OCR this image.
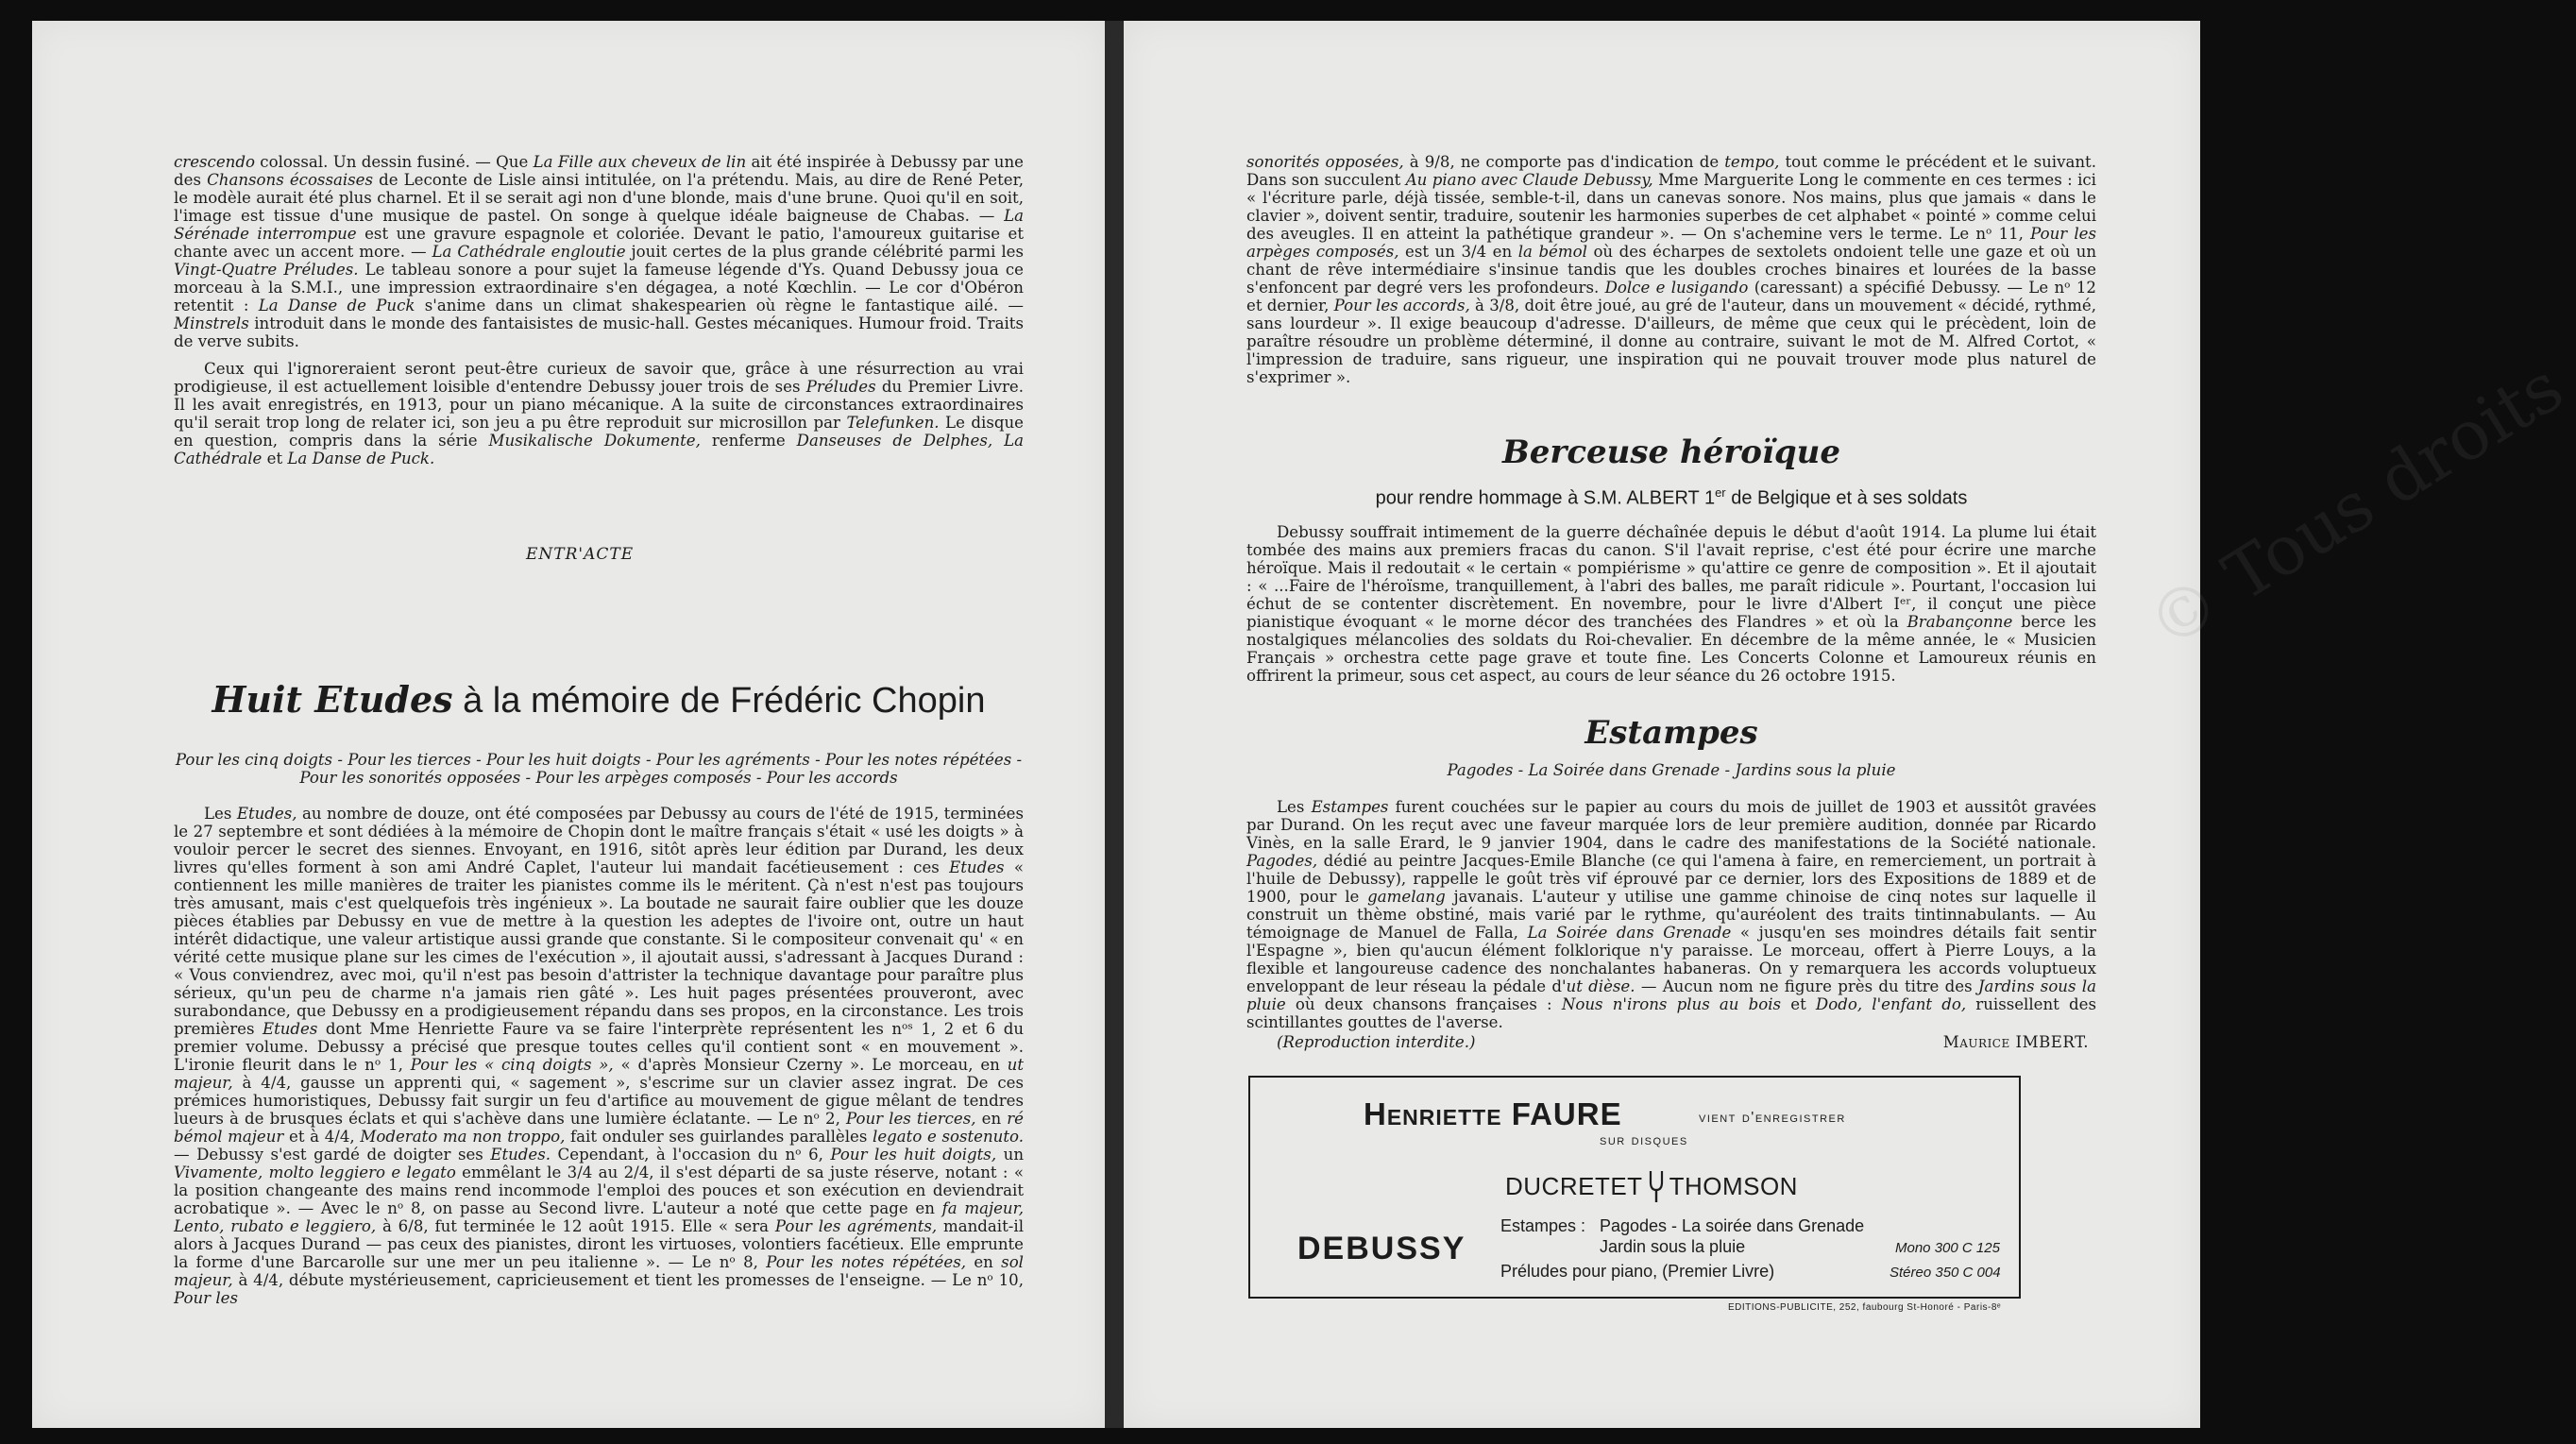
crescendo colossal. Un dessin fusiné. — Que La Fille aux cheveux de lin ait été inspirée à Debussy par une des Chansons écossaises de Leconte de Lisle ainsi intitulée, on l'a prétendu. Mais, au dire de René Peter, le modèle aurait été plus charnel. Et il se serait agi non d'une blonde, mais d'une brune. Quoi qu'il en soit, l'image est tissue d'une musique de pastel. On songe à quelque idéale baigneuse de Chabas. — La Sérénade interrompue est une gravure espagnole et coloriée. Devant le patio, l'amoureux guitarise et chante avec un accent more. — La Cathédrale engloutie jouit certes de la plus grande célébrité parmi les Vingt-Quatre Préludes. Le tableau sonore a pour sujet la fameuse légende d'Ys. Quand Debussy joua ce morceau à la S.M.I., une impression extraordinaire s'en dégagea, a noté Kœchlin. — Le cor d'Obéron retentit : La Danse de Puck s'anime dans un climat shakespearien où règne le fantastique ailé. — Minstrels introduit dans le monde des fantaisistes de music-hall. Gestes mécaniques. Humour froid. Traits de verve subits.

Ceux qui l'ignoreraient seront peut-être curieux de savoir que, grâce à une résurrection au vrai prodigieuse, il est actuellement loisible d'entendre Debussy jouer trois de ses Préludes du Premier Livre. Il les avait enregistrés, en 1913, pour un piano mécanique. A la suite de circonstances extraordinaires qu'il serait trop long de relater ici, son jeu a pu être reproduit sur microsillon par Telefunken. Le disque en question, compris dans la série Musikalische Dokumente, renferme Danseuses de Delphes, La Cathédrale et La Danse de Puck.

ENTR'ACTE
Huit Etudes à la mémoire de Frédéric Chopin
Pour les cinq doigts - Pour les tierces - Pour les huit doigts - Pour les agréments - Pour les notes répétées - Pour les sonorités opposées - Pour les arpèges composés - Pour les accords

Les Etudes, au nombre de douze, ont été composées par Debussy au cours de l'été de 1915, terminées le 27 septembre et sont dédiées à la mémoire de Chopin dont le maître français s'était « usé les doigts » à vouloir percer le secret des siennes. Envoyant, en 1916, sitôt après leur édition par Durand, les deux livres qu'elles forment à son ami André Caplet, l'auteur lui mandait facétieusement : ces Etudes « contiennent les mille manières de traiter les pianistes comme ils le méritent. Çà n'est n'est pas toujours très amusant, mais c'est quelquefois très ingénieux ». La boutade ne saurait faire oublier que les douze pièces établies par Debussy en vue de mettre à la question les adeptes de l'ivoire ont, outre un haut intérêt didactique, une valeur artistique aussi grande que constante. Si le compositeur convenait qu' « en vérité cette musique plane sur les cimes de l'exécution », il ajoutait aussi, s'adressant à Jacques Durand : « Vous conviendrez, avec moi, qu'il n'est pas besoin d'attrister la technique davantage pour paraître plus sérieux, qu'un peu de charme n'a jamais rien gâté ». Les huit pages présentées prouveront, avec surabondance, que Debussy en a prodigieusement répandu dans ses propos, en la circonstance. Les trois premières Etudes dont Mme Henriette Faure va se faire l'interprète représentent les nᵒˢ 1, 2 et 6 du premier volume. Debussy a précisé que presque toutes celles qu'il contient sont « en mouvement ». L'ironie fleurit dans le nᵒ 1, Pour les « cinq doigts », « d'après Monsieur Czerny ». Le morceau, en ut majeur, à 4/4, gausse un apprenti qui, « sagement », s'escrime sur un clavier assez ingrat. De ces prémices humoristiques, Debussy fait surgir un feu d'artifice au mouvement de gigue mêlant de tendres lueurs à de brusques éclats et qui s'achève dans une lumière éclatante. — Le nᵒ 2, Pour les tierces, en ré bémol majeur et à 4/4, Moderato ma non troppo, fait onduler ses guirlandes parallèles legato e sostenuto. — Debussy s'est gardé de doigter ses Etudes. Cependant, à l'occasion du nᵒ 6, Pour les huit doigts, un Vivamente, molto leggiero e legato emmêlant le 3/4 au 2/4, il s'est départi de sa juste réserve, notant : « la position changeante des mains rend incommode l'emploi des pouces et son exécution en deviendrait acrobatique ». — Avec le nᵒ 8, on passe au Second livre. L'auteur a noté que cette page en fa majeur, Lento, rubato e leggiero, à 6/8, fut terminée le 12 août 1915. Elle « sera Pour les agréments, mandait-il alors à Jacques Durand — pas ceux des pianistes, diront les virtuoses, volontiers facétieux. Elle emprunte la forme d'une Barcarolle sur une mer un peu italienne ». — Le nᵒ 8, Pour les notes répétées, en sol majeur, à 4/4, débute mystérieusement, capricieusement et tient les promesses de l'enseigne. — Le nᵒ 10, Pour les

sonorités opposées, à 9/8, ne comporte pas d'indication de tempo, tout comme le précédent et le suivant. Dans son succulent Au piano avec Claude Debussy, Mme Marguerite Long le commente en ces termes : ici « l'écriture parle, déjà tissée, semble-t-il, dans un canevas sonore. Nos mains, plus que jamais « dans le clavier », doivent sentir, traduire, soutenir les harmonies superbes de cet alphabet « pointé » comme celui des aveugles. Il en atteint la pathétique grandeur ». — On s'achemine vers le terme. Le nᵒ 11, Pour les arpèges composés, est un 3/4 en la bémol où des écharpes de sextolets ondoient telle une gaze et où un chant de rêve intermédiaire s'insinue tandis que les doubles croches binaires et lourées de la basse s'enfoncent par degré vers les profondeurs. Dolce e lusigando (caressant) a spécifié Debussy. — Le nᵒ 12 et dernier, Pour les accords, à 3/8, doit être joué, au gré de l'auteur, dans un mouvement « décidé, rythmé, sans lourdeur ». Il exige beaucoup d'adresse. D'ailleurs, de même que ceux qui le précèdent, loin de paraître résoudre un problème déterminé, il donne au contraire, suivant le mot de M. Alfred Cortot, « l'impression de traduire, sans rigueur, une inspiration qui ne pouvait trouver mode plus naturel de s'exprimer ».

Berceuse héroïque
pour rendre hommage à S.M. ALBERT 1er de Belgique et à ses soldats

Debussy souffrait intimement de la guerre déchaînée depuis le début d'août 1914. La plume lui était tombée des mains aux premiers fracas du canon. S'il l'avait reprise, c'est été pour écrire une marche héroïque. Mais il redoutait « le certain « pompiérisme » qu'attire ce genre de composition ». Et il ajoutait : « ...Faire de l'héroïsme, tranquillement, à l'abri des balles, me paraît ridicule ». Pourtant, l'occasion lui échut de se contenter discrètement. En novembre, pour le livre d'Albert Iᵉʳ, il conçut une pièce pianistique évoquant « le morne décor des tranchées des Flandres » et où la Brabançonne berce les nostalgiques mélancolies des soldats du Roi-chevalier. En décembre de la même année, le « Musicien Français » orchestra cette page grave et toute fine. Les Concerts Colonne et Lamoureux réunis en offrirent la primeur, sous cet aspect, au cours de leur séance du 26 octobre 1915.

Estampes
Pagodes - La Soirée dans Grenade - Jardins sous la pluie

Les Estampes furent couchées sur le papier au cours du mois de juillet de 1903 et aussitôt gravées par Durand. On les reçut avec une faveur marquée lors de leur première audition, donnée par Ricardo Vinès, en la salle Erard, le 9 janvier 1904, dans le cadre des manifestations de la Société nationale. Pagodes, dédié au peintre Jacques-Emile Blanche (ce qui l'amena à faire, en remerciement, un portrait à l'huile de Debussy), rappelle le goût très vif éprouvé par ce dernier, lors des Expositions de 1889 et de 1900, pour le gamelang javanais. L'auteur y utilise une gamme chinoise de cinq notes sur laquelle il construit un thème obstiné, mais varié par le rythme, qu'auréolent des traits tintinnabulants. — Au témoignage de Manuel de Falla, La Soirée dans Grenade « jusqu'en ses moindres détails fait sentir l'Espagne », bien qu'aucun élément folklorique n'y paraisse. Le morceau, offert à Pierre Louys, a la flexible et langoureuse cadence des nonchalantes habaneras. On y remarquera les accords voluptueux enveloppant de leur réseau la pédale d'ut dièse. — Aucun nom ne figure près du titre des Jardins sous la pluie où deux chansons françaises : Nous n'irons plus au bois et Dodo, l'enfant do, ruissellent des scintillantes gouttes de l'averse.

(Reproduction interdite.)	Maurice IMBERT.
Henriette FAURE	vient d'enregistrer
sur disques
DUCRETET THOMSON
DEBUSSY
Estampes : Pagodes - La soirée dans Grenade
Jardin sous la pluie
Préludes pour piano, (Premier Livre)
Mono 300 C 125
Stéreo 350 C 004
EDITIONS-PUBLICITE, 252, faubourg St-Honoré - Paris-8ᵉ
© Tous droits
